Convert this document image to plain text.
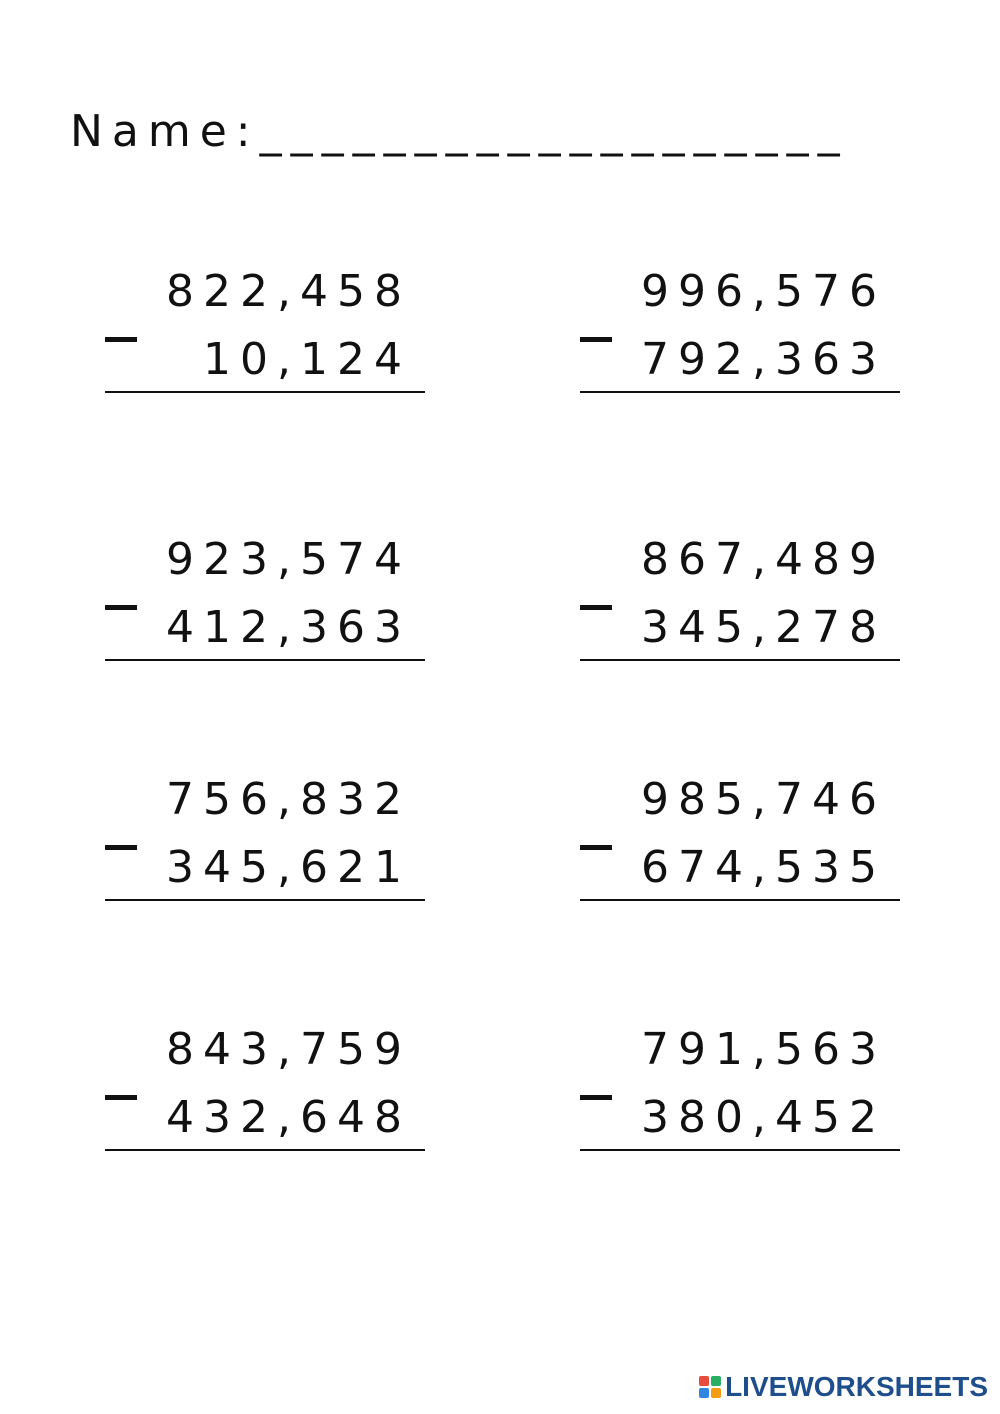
Name:___________________
822,458
10,124
996,576
792,363
923,574
412,363
867,489
345,278
756,832
345,621
985,746
674,535
843,759
432,648
791,563
380,452
LIVEWORKSHEETS
